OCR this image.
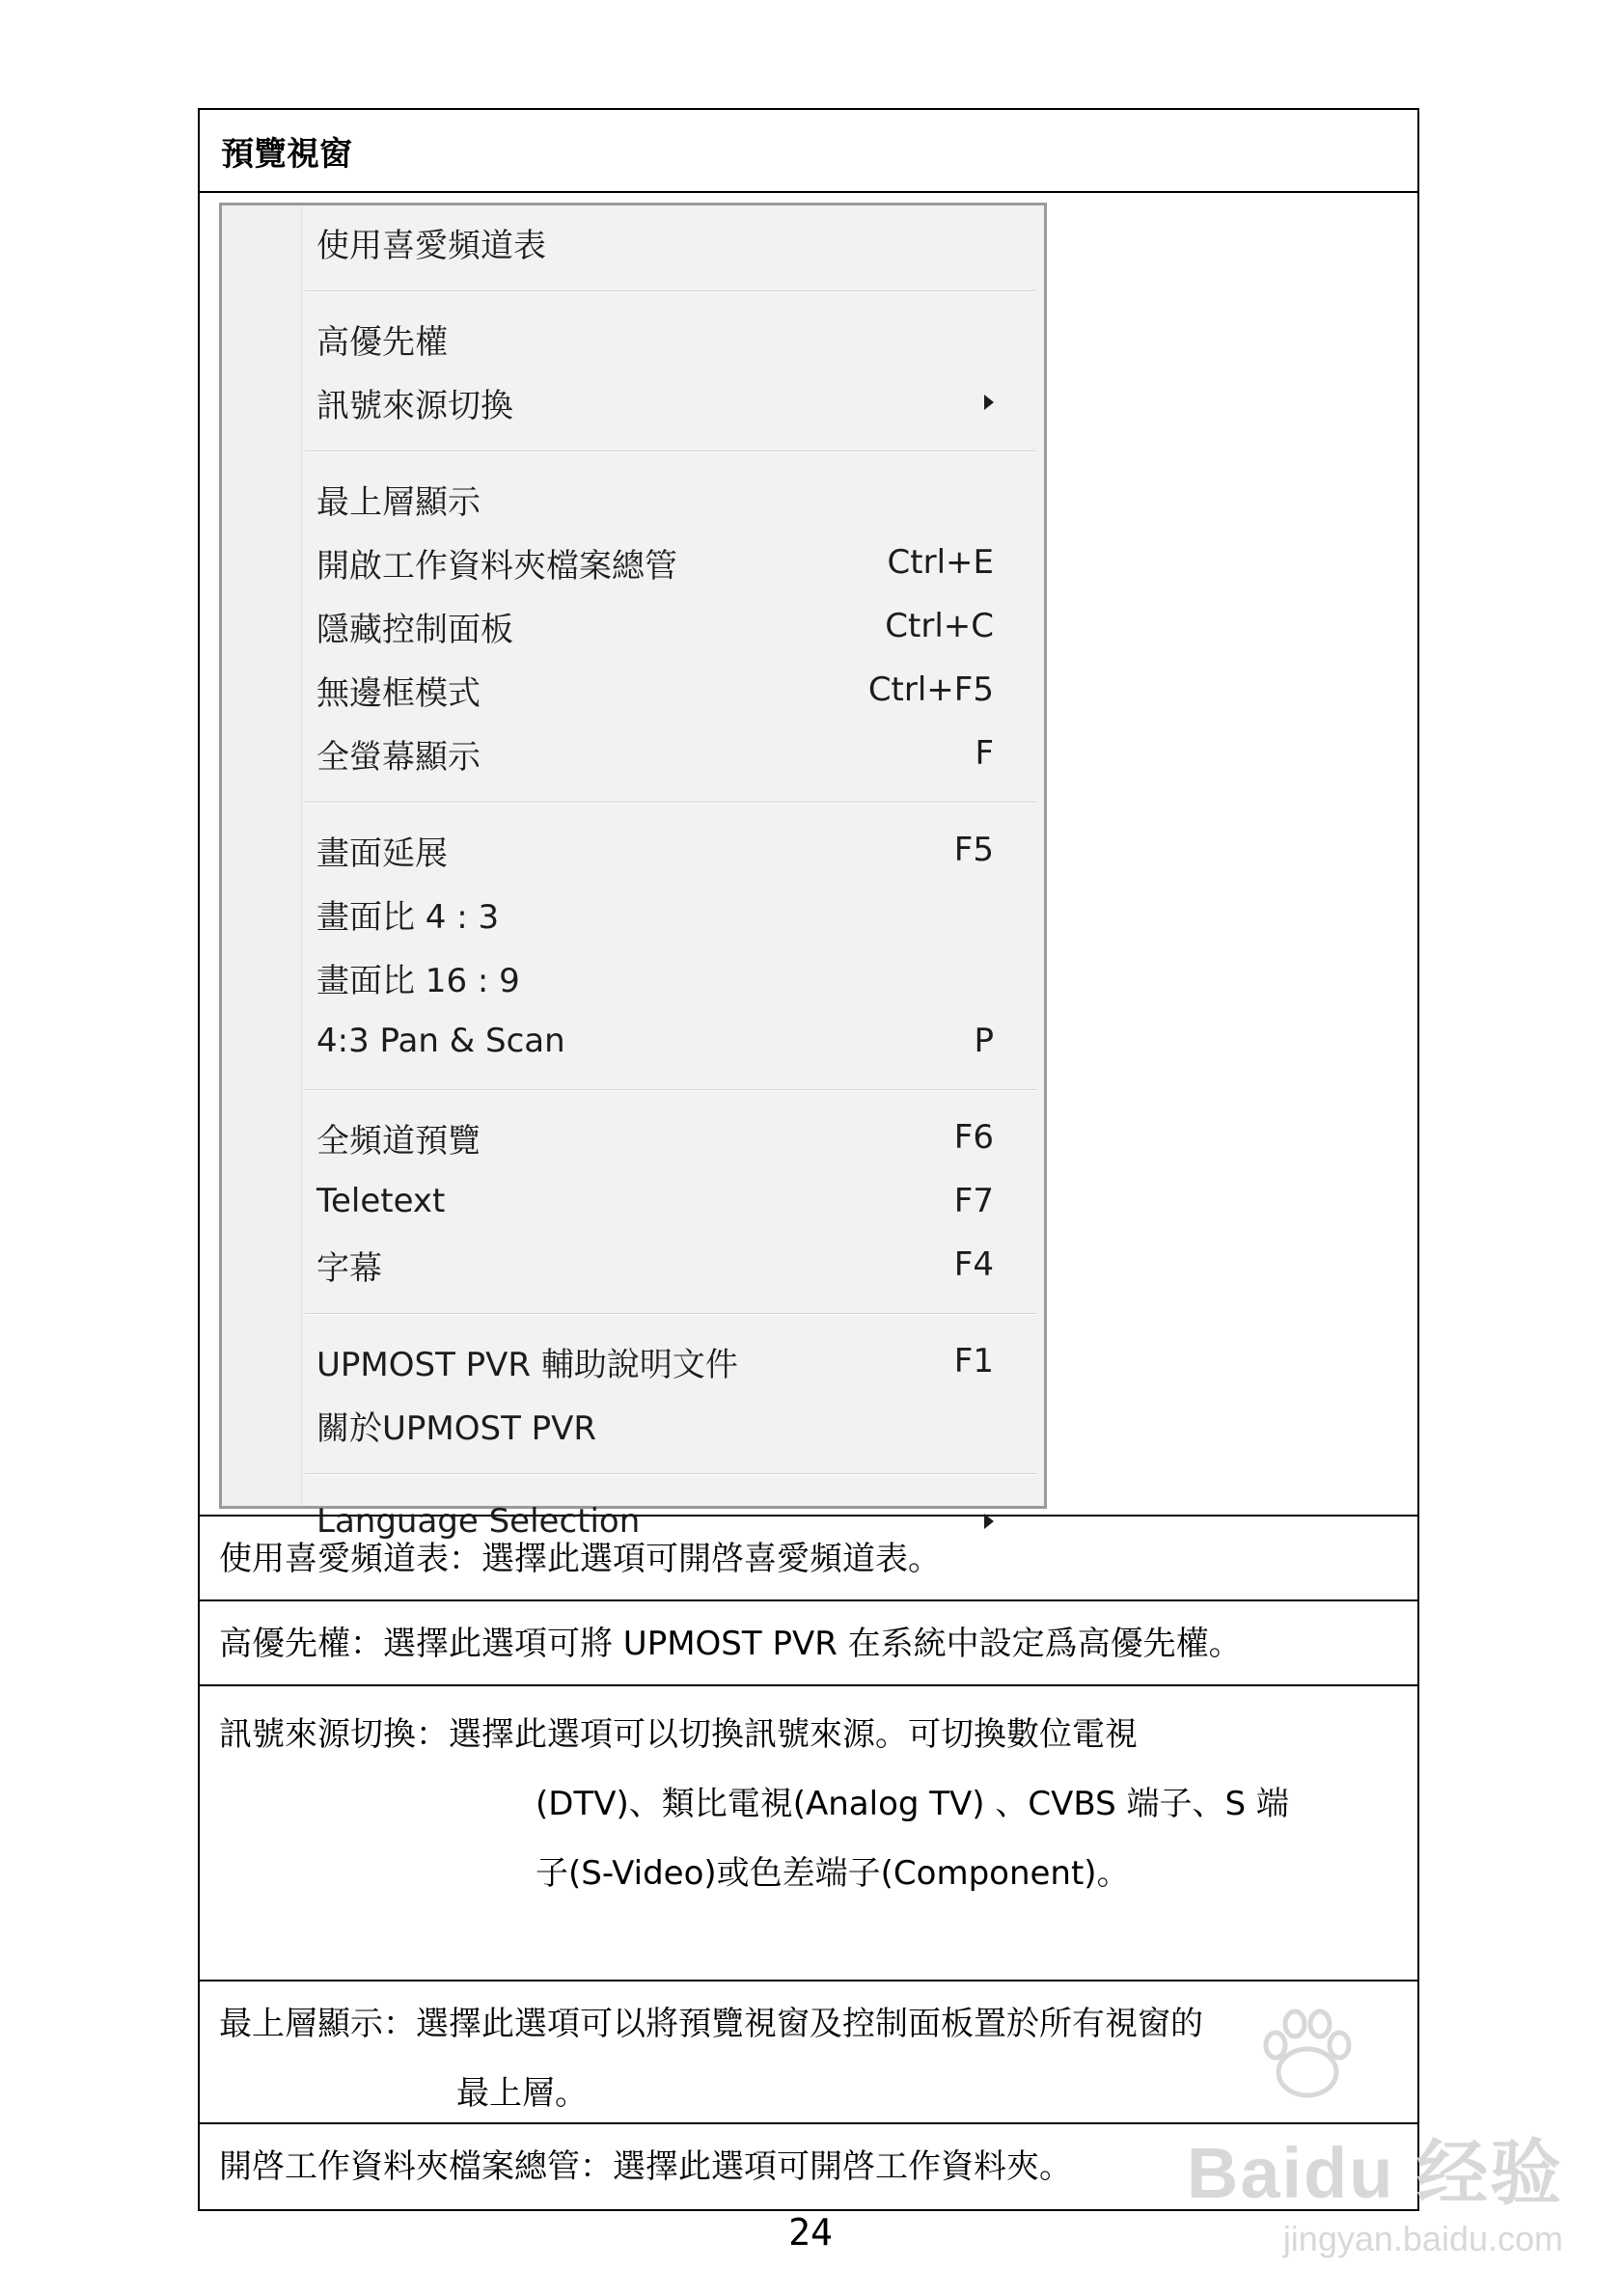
預覽視窗
使用喜愛頻道表
高優先權
訊號來源切換
最上層顯示
開啟工作資料夾檔案總管	Ctrl+E
隱藏控制面板	Ctrl+C
無邊框模式	Ctrl+F5
全螢幕顯示	F
畫面延展	F5
畫面比 4 : 3
畫面比 16 : 9
4:3 Pan & Scan	P
全頻道預覽	F6
Teletext	F7
字幕	F4
UPMOST PVR 輔助說明文件	F1
關於UPMOST PVR
Language Selection
使用喜愛頻道表：選擇此選項可開啓喜愛頻道表。
高優先權：選擇此選項可將 UPMOST PVR 在系統中設定爲高優先權。
訊號來源切換：選擇此選項可以切換訊號來源。可切換數位電視
(DTV)、類比電視(Analog TV) 、CVBS 端子、S 端
子(S-Video)或色差端子(Component)。
最上層顯示：選擇此選項可以將預覽視窗及控制面板置於所有視窗的
最上層。
開啓工作資料夾檔案總管：選擇此選項可開啓工作資料夾。
24
Baidu 经验
jingyan.baidu.com
